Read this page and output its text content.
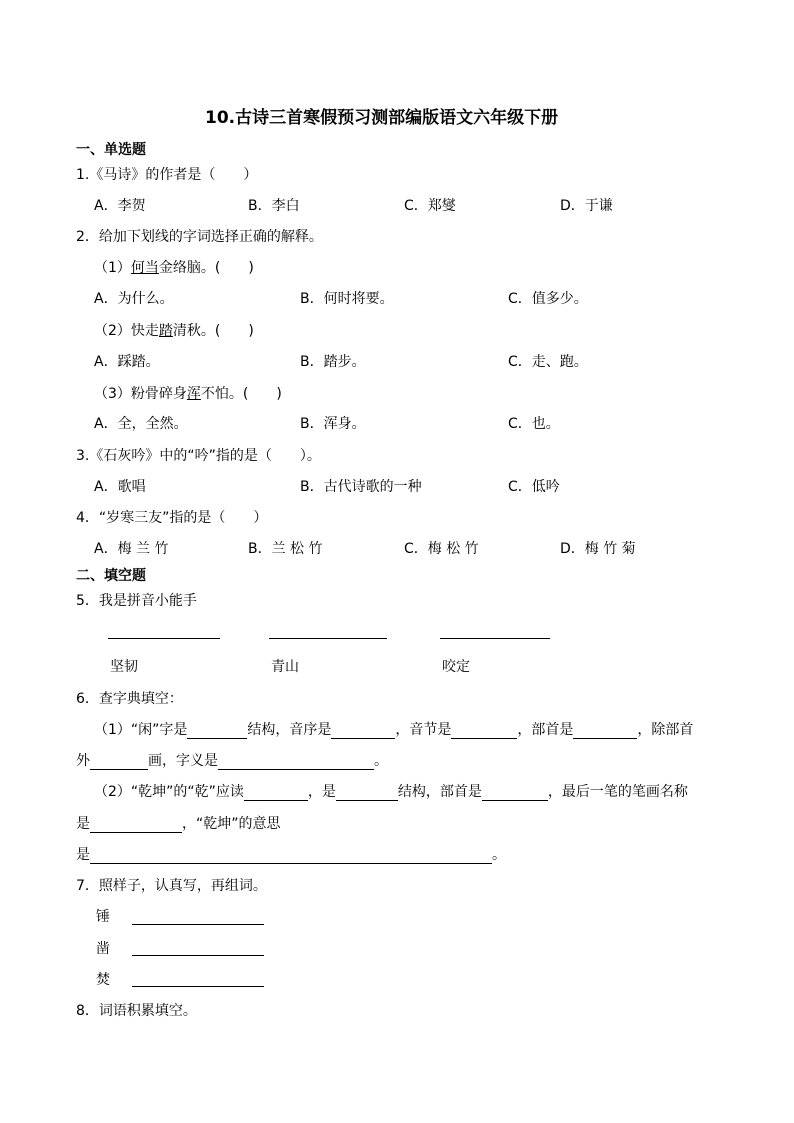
10.古诗三首寒假预习测部编版语文六年级下册
一、单选题
1.《马诗》的作者是（　　）
A．李贺	B．李白	C．郑燮	D．于谦
2．给加下划线的字词选择正确的解释。
（1）何当金络脑。(　　)
A．为什么。	B．何时将要。	C．值多少。
（2）快走踏清秋。(　　)
A．踩踏。	B．踏步。	C．走、跑。
（3）粉骨碎身浑不怕。(　　)
A．全，全然。	B．浑身。	C．也。
3.《石灰吟》中的“吟”指的是（　　）。
A．歌唱	B．古代诗歌的一种	C．低吟
4．“岁寒三友”指的是（　　）
A．梅 兰 竹	B．兰 松 竹	C．梅 松 竹	D．梅 竹 菊
二、填空题
5．我是拼音小能手
坚韧	青山	咬定
6．查字典填空：
（1）“闲”字是	结构，音序是	，音节是	，部首是	，除部首
外	画，字义是	。
（2）“乾坤”的“乾”应读	，是	结构，部首是	，最后一笔的笔画名称
是	，“乾坤”的意思
是	。
7．照样子，认真写，再组词。
锤
凿
焚
8．词语积累填空。
